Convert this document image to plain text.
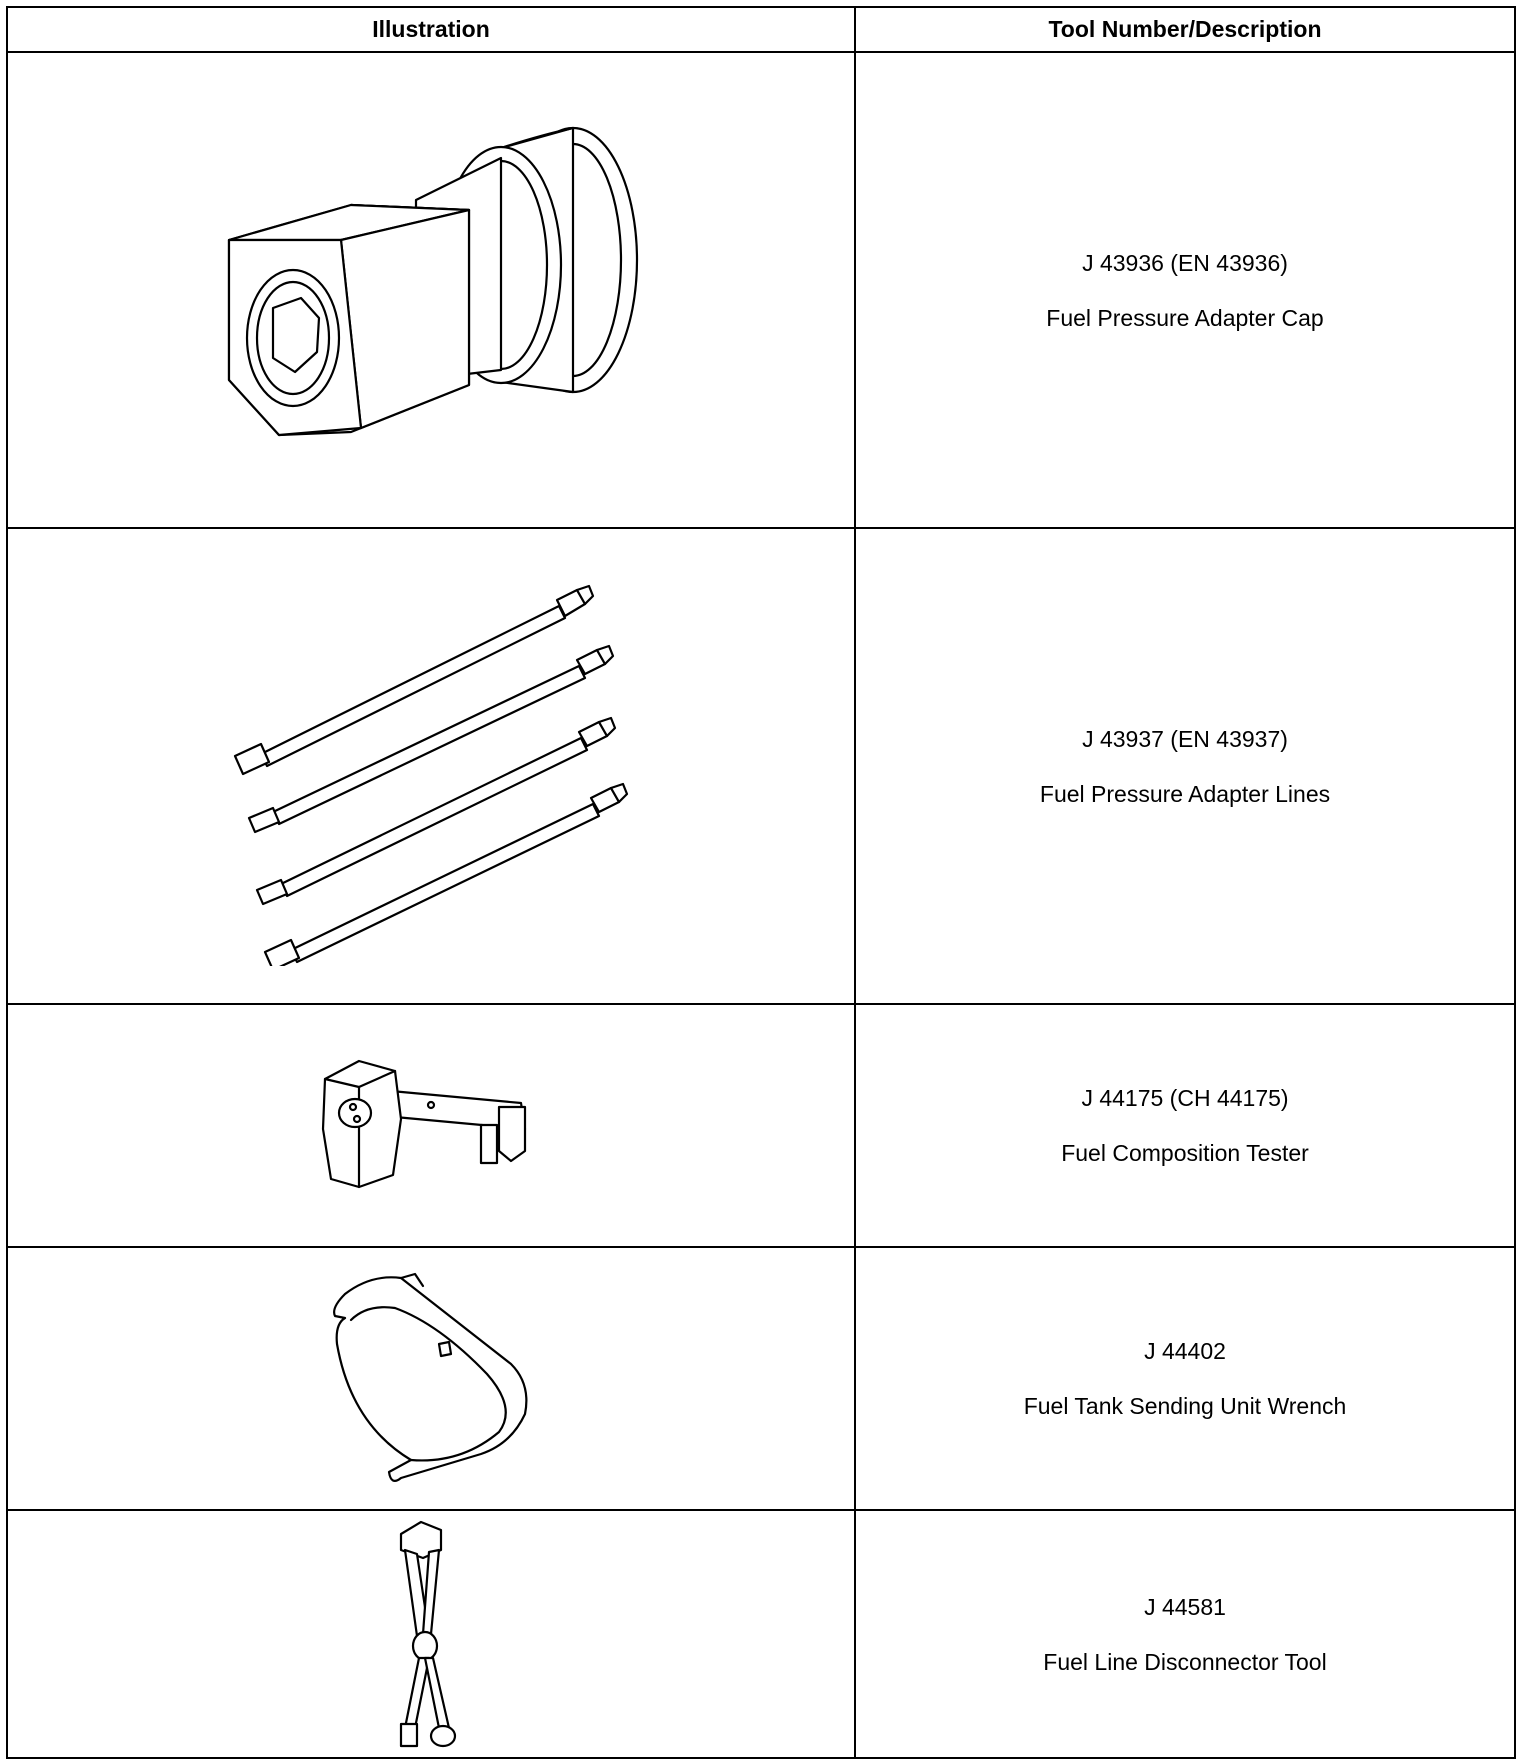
Illustration	Tool Number/Description

J 43936 (EN 43936)
Fuel Pressure Adapter Cap

J 43937 (EN 43937)
Fuel Pressure Adapter Lines

J 44175 (CH 44175)
Fuel Composition Tester

J 44402
Fuel Tank Sending Unit Wrench

J 44581
Fuel Line Disconnector Tool
